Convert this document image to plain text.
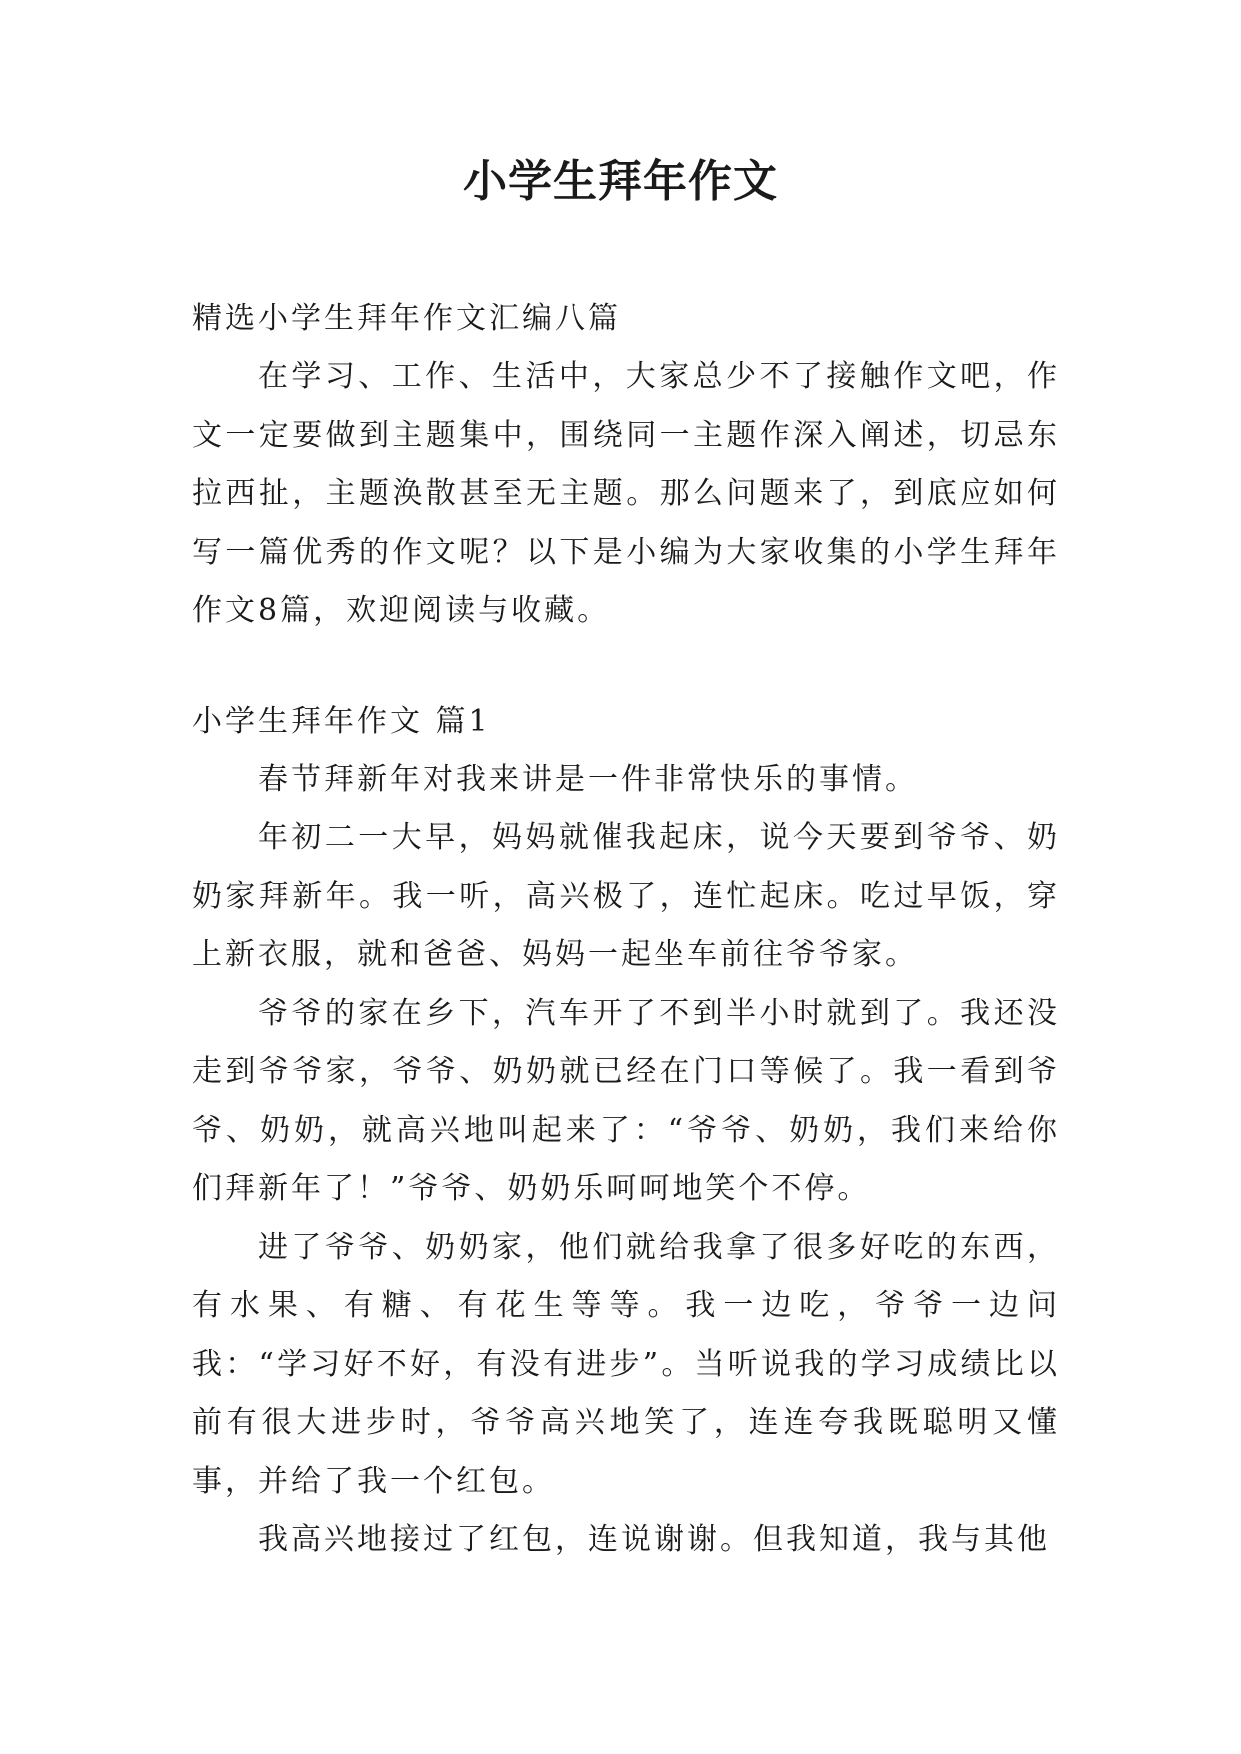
小学生拜年作文

精选小学生拜年作文汇编八篇

在学习、工作、生活中，大家总少不了接触作文吧，作文一定要做到主题集中，围绕同一主题作深入阐述，切忌东拉西扯，主题涣散甚至无主题。那么问题来了，到底应如何写一篇优秀的作文呢？以下是小编为大家收集的小学生拜年作文8篇，欢迎阅读与收藏。

小学生拜年作文 篇1

春节拜新年对我来讲是一件非常快乐的事情。

年初二一大早，妈妈就催我起床，说今天要到爷爷、奶奶家拜新年。我一听，高兴极了，连忙起床。吃过早饭，穿上新衣服，就和爸爸、妈妈一起坐车前往爷爷家。

爷爷的家在乡下，汽车开了不到半小时就到了。我还没走到爷爷家，爷爷、奶奶就已经在门口等候了。我一看到爷爷、奶奶，就高兴地叫起来了：“爷爷、奶奶，我们来给你们拜新年了！”爷爷、奶奶乐呵呵地笑个不停。

进了爷爷、奶奶家，他们就给我拿了很多好吃的东西，有水果、有糖、有花生等等。我一边吃，爷爷一边问我：“学习好不好，有没有进步”。当听说我的学习成绩比以前有很大进步时，爷爷高兴地笑了，连连夸我既聪明又懂事，并给了我一个红包。

我高兴地接过了红包，连说谢谢。但我知道，我与其他
